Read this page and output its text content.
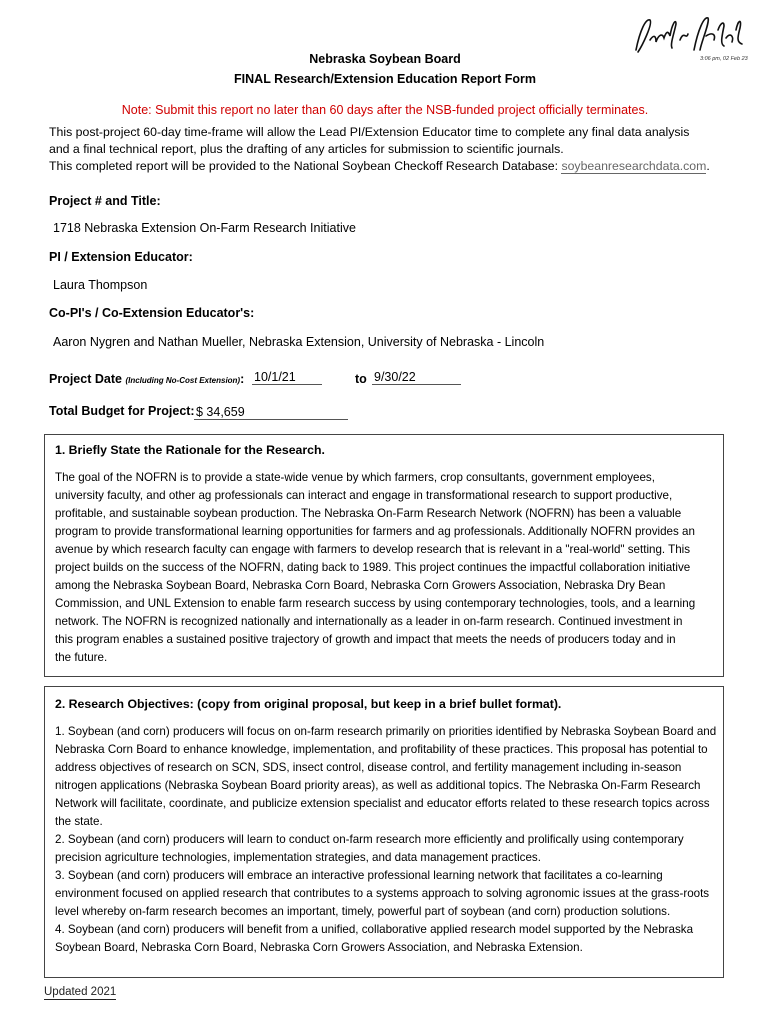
3:06 pm, 02 Feb 23
Nebraska Soybean Board
FINAL Research/Extension Education Report Form
Note: Submit this report no later than 60 days after the NSB-funded project officially terminates.
This post-project 60-day time-frame will allow the Lead PI/Extension Educator time to complete any final data analysis
and a final technical report, plus the drafting of any articles for submission to scientific journals.
This completed report will be provided to the National Soybean Checkoff Research Database: soybeanresearchdata.com.
Project # and Title:
1718 Nebraska Extension On-Farm Research Initiative
PI / Extension Educator:
Laura Thompson
Co-PI's / Co-Extension Educator's:
Aaron Nygren and Nathan Mueller, Nebraska Extension, University of Nebraska - Lincoln
Project Date (Including No-Cost Extension): 10/1/21	to 9/30/22
Total Budget for Project: $ 34,659
1. Briefly State the Rationale for the Research.

The goal of the NOFRN is to provide a state-wide venue by which farmers, crop consultants, government employees,
university faculty, and other ag professionals can interact and engage in transformational research to support productive,
profitable, and sustainable soybean production. The Nebraska On-Farm Research Network (NOFRN) has been a valuable
program to provide transformational learning opportunities for farmers and ag professionals. Additionally NOFRN provides an
avenue by which research faculty can engage with farmers to develop research that is relevant in a "real-world" setting. This
project builds on the success of the NOFRN, dating back to 1989. This project continues the impactful collaboration initiative
among the Nebraska Soybean Board, Nebraska Corn Board, Nebraska Corn Growers Association, Nebraska Dry Bean
Commission, and UNL Extension to enable farm research success by using contemporary technologies, tools, and a learning
network. The NOFRN is recognized nationally and internationally as a leader in on-farm research. Continued investment in
this program enables a sustained positive trajectory of growth and impact that meets the needs of producers today and in
the future.

2. Research Objectives: (copy from original proposal, but keep in a brief bullet format).

1. Soybean (and corn) producers will focus on on-farm research primarily on priorities identified by Nebraska Soybean Board and
Nebraska Corn Board to enhance knowledge, implementation, and profitability of these practices. This proposal has potential to
address objectives of research on SCN, SDS, insect control, disease control, and fertility management including in-season
nitrogen applications (Nebraska Soybean Board priority areas), as well as additional topics. The Nebraska On-Farm Research
Network will facilitate, coordinate, and publicize extension specialist and educator efforts related to these research topics across
the state.
2. Soybean (and corn) producers will learn to conduct on-farm research more efficiently and prolifically using contemporary
precision agriculture technologies, implementation strategies, and data management practices.
3. Soybean (and corn) producers will embrace an interactive professional learning network that facilitates a co-learning
environment focused on applied research that contributes to a systems approach to solving agronomic issues at the grass-roots
level whereby on-farm research becomes an important, timely, powerful part of soybean (and corn) production solutions.
4. Soybean (and corn) producers will benefit from a unified, collaborative applied research model supported by the Nebraska
Soybean Board, Nebraska Corn Board, Nebraska Corn Growers Association, and Nebraska Extension.

Updated 2021
